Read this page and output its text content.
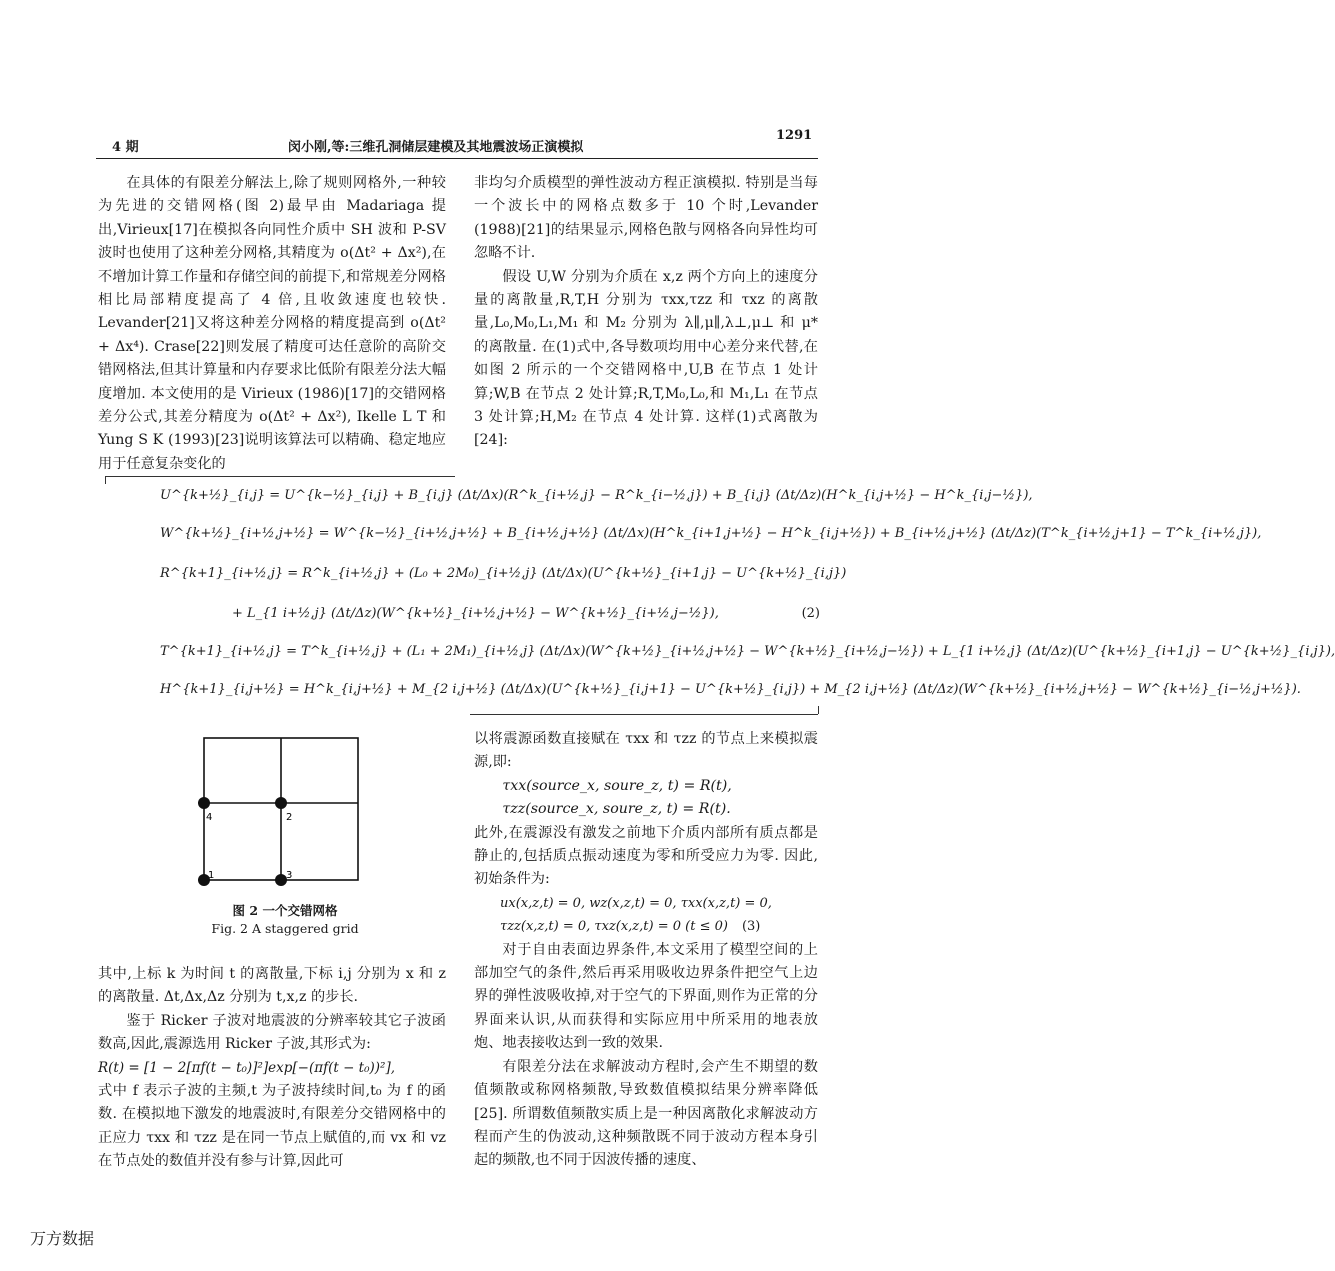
4 期	闵小刚,等:三维孔洞储层建模及其地震波场正演模拟
1291

在具体的有限差分解法上,除了规则网格外,一种较为先进的交错网格(图 2)最早由 Madariaga 提出,Virieux[17]在模拟各向同性介质中 SH 波和 P-SV 波时也使用了这种差分网格,其精度为 o(Δt² + Δx²),在不增加计算工作量和存储空间的前提下,和常规差分网格相比局部精度提高了 4 倍,且收敛速度也较快. Levander[21]又将这种差分网格的精度提高到 o(Δt² + Δx⁴). Crase[22]则发展了精度可达任意阶的高阶交错网格法,但其计算量和内存要求比低阶有限差分法大幅度增加. 本文使用的是 Virieux (1986)[17]的交错网格差分公式,其差分精度为 o(Δt² + Δx²), Ikelle L T 和 Yung S K (1993)[23]说明该算法可以精确、稳定地应用于任意复杂变化的

非均匀介质模型的弹性波动方程正演模拟. 特别是当每一个波长中的网格点数多于 10 个时,Levander (1988)[21]的结果显示,网格色散与网格各向异性均可忽略不计.

假设 U,W 分别为介质在 x,z 两个方向上的速度分量的离散量,R,T,H 分别为 τxx,τzz 和 τxz 的离散量,L₀,M₀,L₁,M₁ 和 M₂ 分别为 λ∥,μ∥,λ⊥,μ⊥ 和 μ* 的离散量. 在(1)式中,各导数项均用中心差分来代替,在如图 2 所示的一个交错网格中,U,B 在节点 1 处计算;W,B 在节点 2 处计算;R,T,M₀,L₀,和 M₁,L₁ 在节点 3 处计算;H,M₂ 在节点 4 处计算. 这样(1)式离散为[24]:

U^{k+½}_{i,j} = U^{k−½}_{i,j} + B_{i,j} (Δt/Δx)(R^k_{i+½,j} − R^k_{i−½,j}) + B_{i,j} (Δt/Δz)(H^k_{i,j+½} − H^k_{i,j−½}),
W^{k+½}_{i+½,j+½} = W^{k−½}_{i+½,j+½} + B_{i+½,j+½} (Δt/Δx)(H^k_{i+1,j+½} − H^k_{i,j+½}) + B_{i+½,j+½} (Δt/Δz)(T^k_{i+½,j+1} − T^k_{i+½,j}),
R^{k+1}_{i+½,j} = R^k_{i+½,j} + (L₀ + 2M₀)_{i+½,j} (Δt/Δx)(U^{k+½}_{i+1,j} − U^{k+½}_{i,j})
+ L_{1 i+½,j} (Δt/Δz)(W^{k+½}_{i+½,j+½} − W^{k+½}_{i+½,j−½}),	(2)
T^{k+1}_{i+½,j} = T^k_{i+½,j} + (L₁ + 2M₁)_{i+½,j} (Δt/Δx)(W^{k+½}_{i+½,j+½} − W^{k+½}_{i+½,j−½}) + L_{1 i+½,j} (Δt/Δz)(U^{k+½}_{i+1,j} − U^{k+½}_{i,j}),
H^{k+1}_{i,j+½} = H^k_{i,j+½} + M_{2 i,j+½} (Δt/Δx)(U^{k+½}_{i,j+1} − U^{k+½}_{i,j}) + M_{2 i,j+½} (Δt/Δz)(W^{k+½}_{i+½,j+½} − W^{k+½}_{i−½,j+½}).
4	2
1	3
图 2 一个交错网格
Fig. 2 A staggered grid

以将震源函数直接赋在 τxx 和 τzz 的节点上来模拟震源,即:

τxx(source_x, soure_z, t) = R(t),

τzz(source_x, soure_z, t) = R(t).

此外,在震源没有激发之前地下介质内部所有质点都是静止的,包括质点振动速度为零和所受应力为零. 因此,初始条件为:

ux(x,z,t) = 0, wz(x,z,t) = 0, τxx(x,z,t) = 0,

τzz(x,z,t) = 0, τxz(x,z,t) = 0 (t ≤ 0) (3)

对于自由表面边界条件,本文采用了模型空间的上部加空气的条件,然后再采用吸收边界条件把空气上边界的弹性波吸收掉,对于空气的下界面,则作为正常的分界面来认识,从而获得和实际应用中所采用的地表放炮、地表接收达到一致的效果.

有限差分法在求解波动方程时,会产生不期望的数值频散或称网格频散,导致数值模拟结果分辨率降低[25]. 所谓数值频散实质上是一种因离散化求解波动方程而产生的伪波动,这种频散既不同于波动方程本身引起的频散,也不同于因波传播的速度、

其中,上标 k 为时间 t 的离散量,下标 i,j 分别为 x 和 z 的离散量. Δt,Δx,Δz 分别为 t,x,z 的步长.

鉴于 Ricker 子波对地震波的分辨率较其它子波函数高,因此,震源选用 Ricker 子波,其形式为:

R(t) = [1 − 2[πf(t − t₀)]²]exp[−(πf(t − t₀))²],

式中 f 表示子波的主频,t 为子波持续时间,t₀ 为 f 的函数. 在模拟地下激发的地震波时,有限差分交错网格中的正应力 τxx 和 τzz 是在同一节点上赋值的,而 vx 和 vz 在节点处的数值并没有参与计算,因此可

万方数据
